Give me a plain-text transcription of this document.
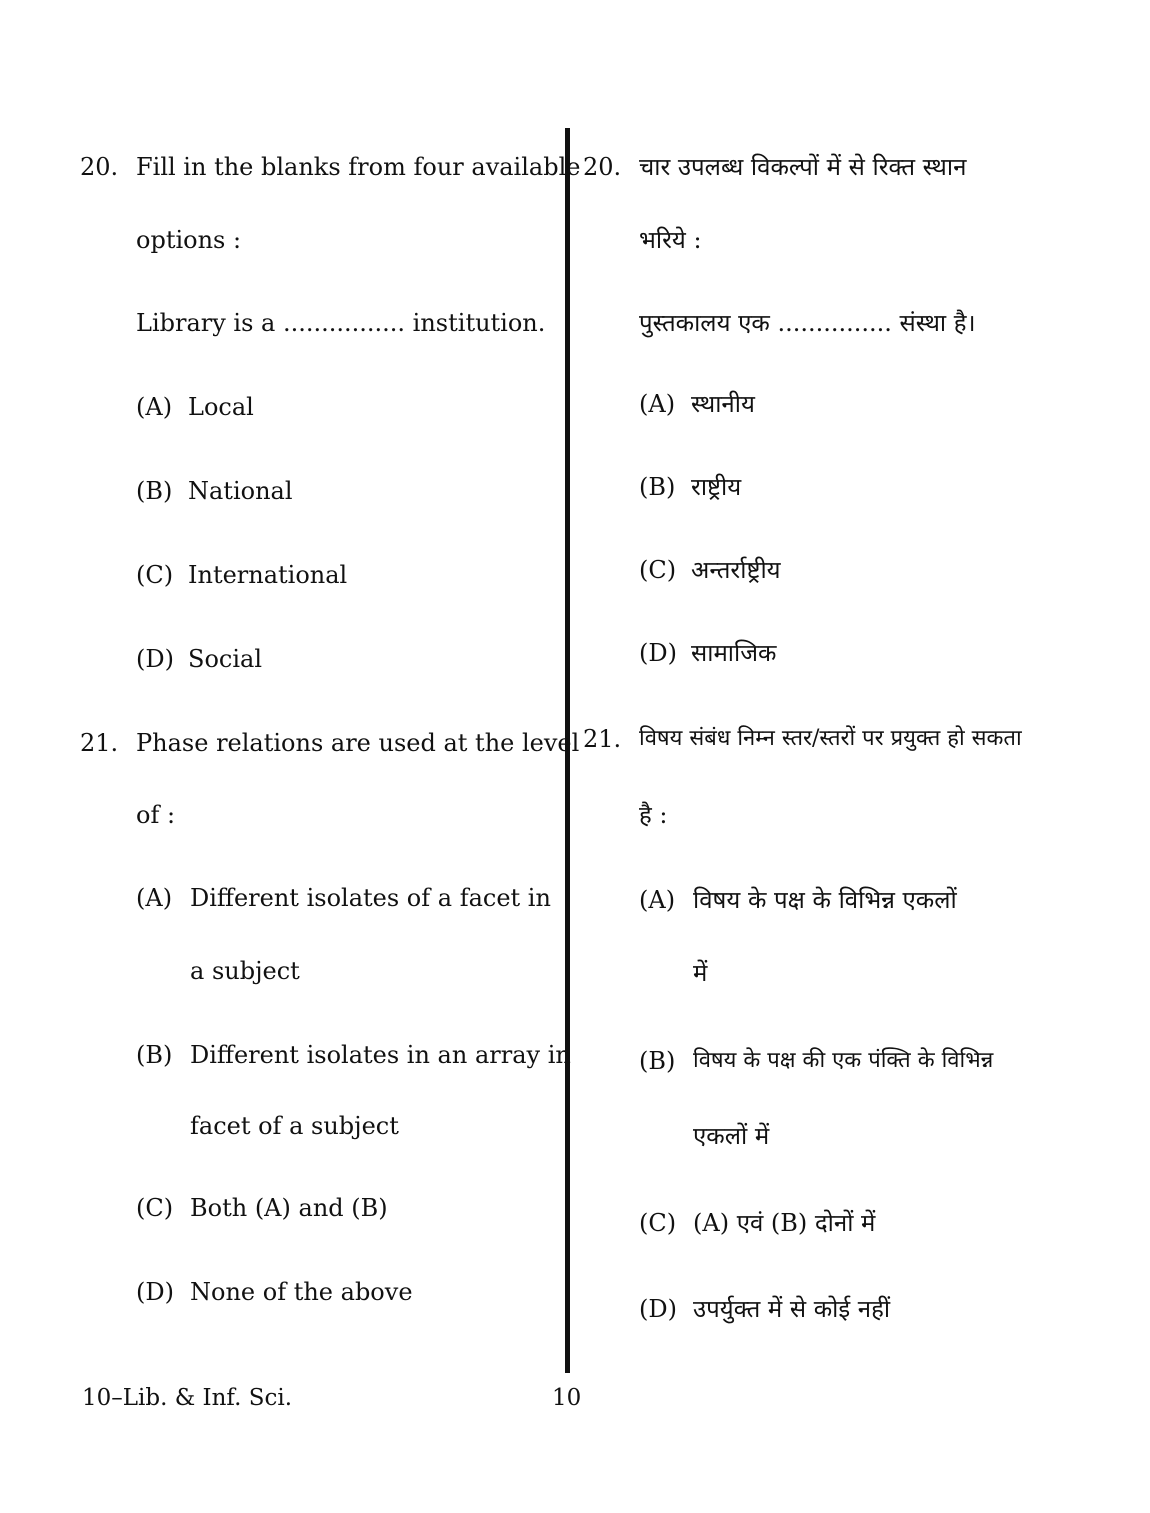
20. Fill in the blanks from four available
options :
Library is a ................ institution.
(A) Local
(B) National
(C) International
(D) Social
21. Phase relations are used at the level
of :
(A) Different isolates of a facet in
a subject
(B) Different isolates in an array in
facet of a subject
(C) Both (A) and (B)
(D) None of the above
20. चार उपलब्ध विकल्पों में से रिक्त स्थान
भरिये :
पुस्तकालय एक ............... संस्था है।
(A) स्थानीय
(B) राष्ट्रीय
(C) अन्तर्राष्ट्रीय
(D) सामाजिक
21. विषय संबंध निम्न स्तर/स्तरों पर प्रयुक्त हो सकता
है :
(A) विषय के पक्ष के विभिन्न एकलों
में
(B) विषय के पक्ष की एक पंक्ति के विभिन्न
एकलों में
(C) (A) एवं (B) दोनों में
(D) उपर्युक्त में से कोई नहीं
10–Lib. & Inf. Sci.	10
